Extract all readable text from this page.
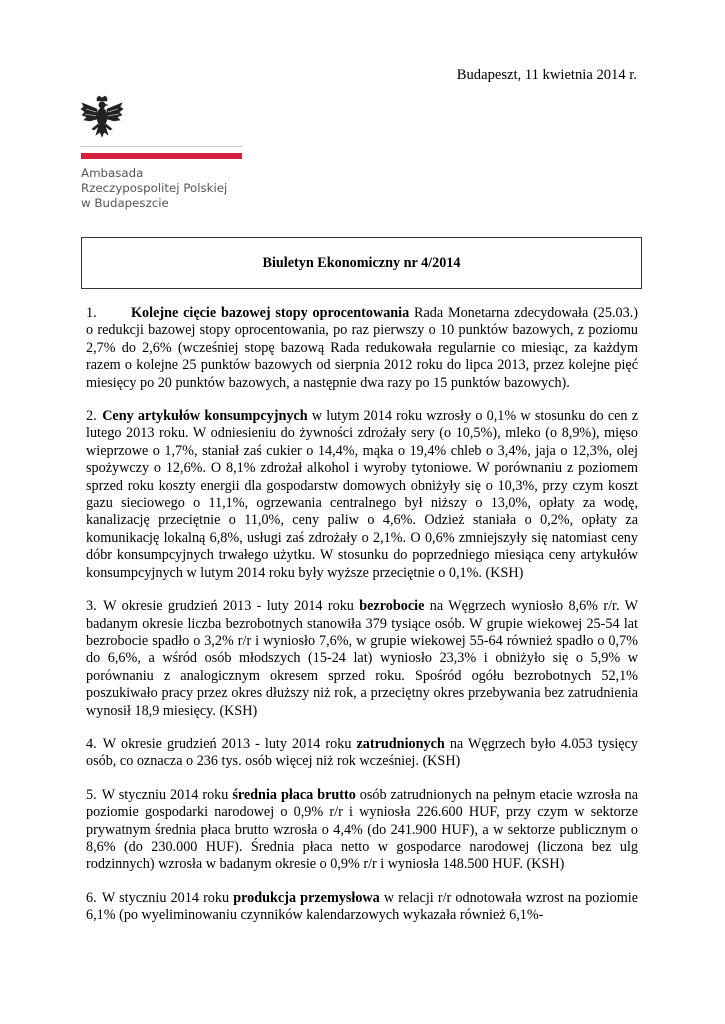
Budapeszt, 11 kwietnia 2014 r.
Ambasada
Rzeczypospolitej Polskiej
w Budapeszcie
Biuletyn Ekonomiczny nr 4/2014

1. Kolejne cięcie bazowej stopy oprocentowania Rada Monetarna zdecydowała (25.03.) o redukcji bazowej stopy oprocentowania, po raz pierwszy o 10 punktów bazowych, z poziomu 2,7% do 2,6% (wcześniej stopę bazową Rada redukowała regularnie co miesiąc, za każdym razem o kolejne 25 punktów bazowych od sierpnia 2012 roku do lipca 2013, przez kolejne pięć miesięcy po 20 punktów bazowych, a następnie dwa razy po 15 punktów bazowych).

2. Ceny artykułów konsumpcyjnych w lutym 2014 roku wzrosły o 0,1% w stosunku do cen z lutego 2013 roku. W odniesieniu do żywności zdrożały sery (o 10,5%), mleko (o 8,9%), mięso wieprzowe o 1,7%, staniał zaś cukier o 14,4%, mąka o 19,4% chleb o 3,4%, jaja o 12,3%, olej spożywczy o 12,6%. O 8,1% zdrożał alkohol i wyroby tytoniowe. W porównaniu z poziomem sprzed roku koszty energii dla gospodarstw domowych obniżyły się o 10,3%, przy czym koszt gazu sieciowego o 11,1%, ogrzewania centralnego był niższy o 13,0%, opłaty za wodę, kanalizację przeciętnie o 11,0%, ceny paliw o 4,6%. Odzież staniała o 0,2%, opłaty za komunikację lokalną 6,8%, usługi zaś zdrożały o 2,1%. O 0,6% zmniejszyły się natomiast ceny dóbr konsumpcyjnych trwałego użytku. W stosunku do poprzedniego miesiąca ceny artykułów konsumpcyjnych w lutym 2014 roku były wyższe przeciętnie o 0,1%. (KSH)

3. W okresie grudzień 2013 - luty 2014 roku bezrobocie na Węgrzech wyniosło 8,6% r/r. W badanym okresie liczba bezrobotnych stanowiła 379 tysiące osób. W grupie wiekowej 25-54 lat bezrobocie spadło o 3,2% r/r i wyniosło 7,6%, w grupie wiekowej 55-64 również spadło o 0,7% do 6,6%, a wśród osób młodszych (15-24 lat) wyniosło 23,3% i obniżyło się o 5,9% w porównaniu z analogicznym okresem sprzed roku. Spośród ogółu bezrobotnych 52,1% poszukiwało pracy przez okres dłuższy niż rok, a przeciętny okres przebywania bez zatrudnienia wynosił 18,9 miesięcy. (KSH)

4. W okresie grudzień 2013 - luty 2014 roku zatrudnionych na Węgrzech było 4.053 tysięcy osób, co oznacza o 236 tys. osób więcej niż rok wcześniej. (KSH)

5. W styczniu 2014 roku średnia płaca brutto osób zatrudnionych na pełnym etacie wzrosła na poziomie gospodarki narodowej o 0,9% r/r i wyniosła 226.600 HUF, przy czym w sektorze prywatnym średnia płaca brutto wzrosła o 4,4% (do 241.900 HUF), a w sektorze publicznym o 8,6% (do 230.000 HUF). Średnia płaca netto w gospodarce narodowej (liczona bez ulg rodzinnych) wzrosła w badanym okresie o 0,9% r/r i wyniosła 148.500 HUF. (KSH)

6. W styczniu 2014 roku produkcja przemysłowa w relacji r/r odnotowała wzrost na poziomie 6,1% (po wyeliminowaniu czynników kalendarzowych wykazała również 6,1%-
